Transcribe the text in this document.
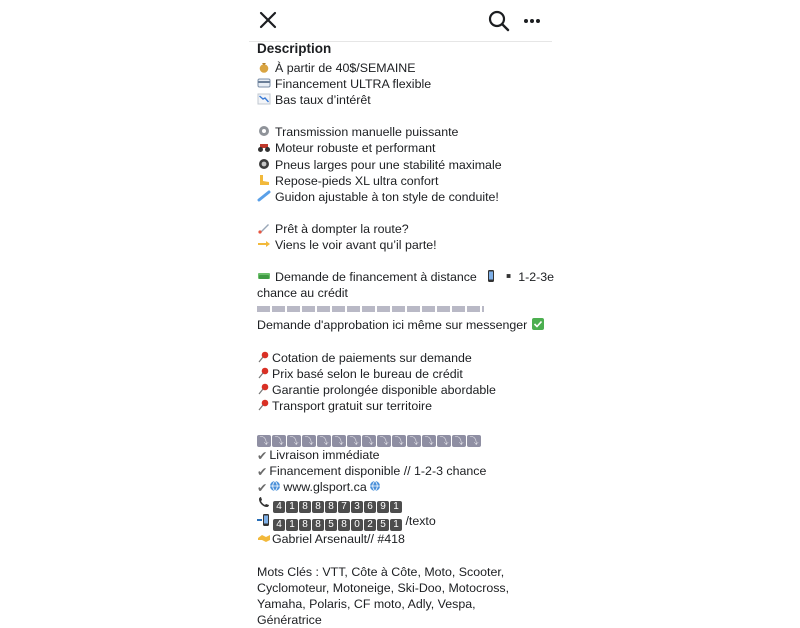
Description
À partir de 40$/SEMAINE
Financement ULTRA flexible
Bas taux d’intérêt
Transmission manuelle puissante
Moteur robuste et performant
Pneus larges pour une stabilité maximale
Repose-pieds XL ultra confort
Guidon ajustable à ton style de conduite!
Prêt à dompter la route?
Viens le voir avant qu’il parte!
Demande de financement à distance	1-2-3e chance au crédit
Demande d'approbation ici même sur messenger
Cotation de paiements sur demande
Prix basé selon le bureau de crédit
Garantie prolongée disponible abordable
Transport gratuit sur territoire
⤵ ⤵ ⤵ ⤵ ⤵ ⤵ ⤵ ⤵ ⤵ ⤵ ⤵ ⤵ ⤵ ⤵ ⤵
✔ Livraison immédiate
✔ Financement disponible // 1-2-3 chance
✔ www.glsport.ca
4 1 8 8 8 7 3 6 9 1
4 1 8 8 5 8 0 2 5 1 /texto
Gabriel Arsenault// #418
Mots Clés : VTT, Côte à Côte, Moto, Scooter, Cyclomoteur, Motoneige, Ski-Doo, Motocross, Yamaha, Polaris, CF moto, Adly, Vespa, Génératrice
